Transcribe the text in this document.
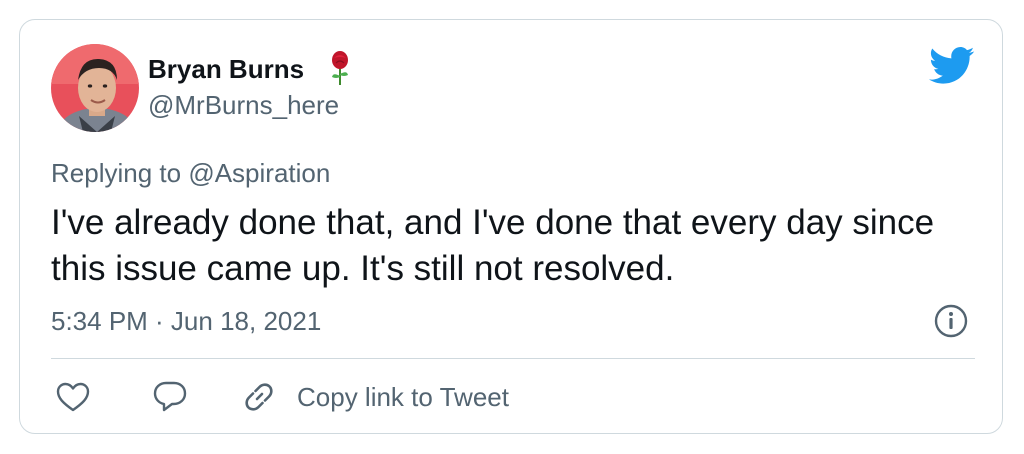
Bryan Burns
@MrBurns_here
Replying to @Aspiration
I've already done that, and I've done that every day since this issue came up. It's still not resolved.
5:34 PM · Jun 18, 2021
Copy link to Tweet
